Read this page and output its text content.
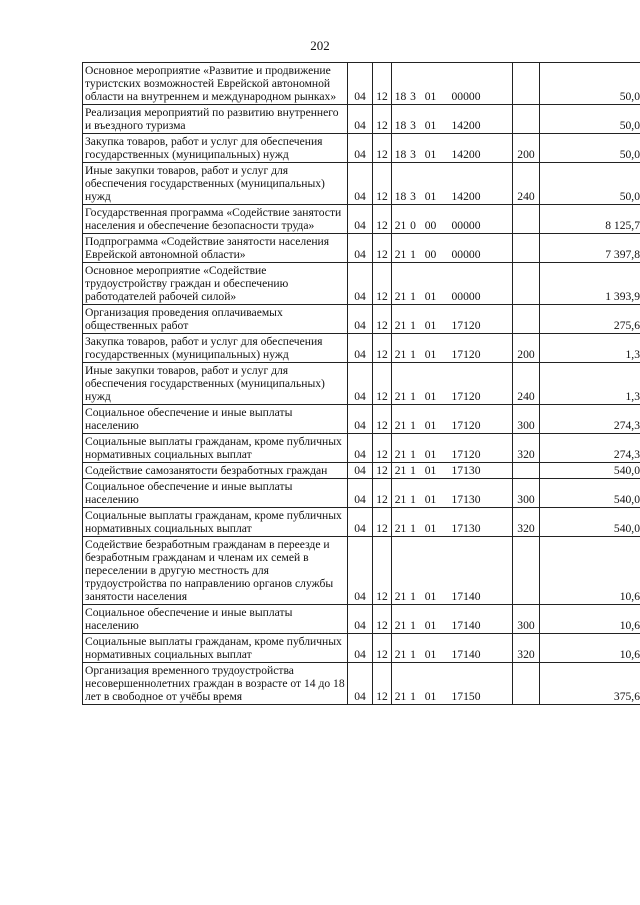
202
Основное мероприятие «Развитие и продвижение туристских возможностей Еврейской автономной области на внутреннем и международном рынках»	04	12	18 3 01 00000		50,0
Реализация мероприятий по развитию внутреннего и въездного туризма	04	12	18 3 01 14200		50,0
Закупка товаров, работ и услуг для обеспечения государственных (муниципальных) нужд	04	12	18 3 01 14200	200	50,0
Иные закупки товаров, работ и услуг для обеспечения государственных (муниципальных) нужд	04	12	18 3 01 14200	240	50,0
Государственная программа «Содействие занятости населения и обеспечение безопасности труда»	04	12	21 0 00 00000		8 125,7
Подпрограмма «Содействие занятости населения Еврейской автономной области»	04	12	21 1 00 00000		7 397,8
Основное мероприятие «Содействие трудоустройству граждан и обеспечению работодателей рабочей силой»	04	12	21 1 01 00000		1 393,9
Организация проведения оплачиваемых общественных работ	04	12	21 1 01 17120		275,6
Закупка товаров, работ и услуг для обеспечения государственных (муниципальных) нужд	04	12	21 1 01 17120	200	1,3
Иные закупки товаров, работ и услуг для обеспечения государственных (муниципальных) нужд	04	12	21 1 01 17120	240	1,3
Социальное обеспечение и иные выплаты населению	04	12	21 1 01 17120	300	274,3
Социальные выплаты гражданам, кроме публичных нормативных социальных выплат	04	12	21 1 01 17120	320	274,3
Содействие самозанятости безработных граждан	04	12	21 1 01 17130		540,0
Социальное обеспечение и иные выплаты населению	04	12	21 1 01 17130	300	540,0
Социальные выплаты гражданам, кроме публичных нормативных социальных выплат	04	12	21 1 01 17130	320	540,0
Содействие безработным гражданам в переезде и безработным гражданам и членам их семей в переселении в другую местность для трудоустройства по направлению органов службы занятости населения	04	12	21 1 01 17140		10,6
Социальное обеспечение и иные выплаты населению	04	12	21 1 01 17140	300	10,6
Социальные выплаты гражданам, кроме публичных нормативных социальных выплат	04	12	21 1 01 17140	320	10,6
Организация временного трудоустройства несовершеннолетних граждан в возрасте от 14 до 18 лет в свободное от учёбы время	04	12	21 1 01 17150		375,6
